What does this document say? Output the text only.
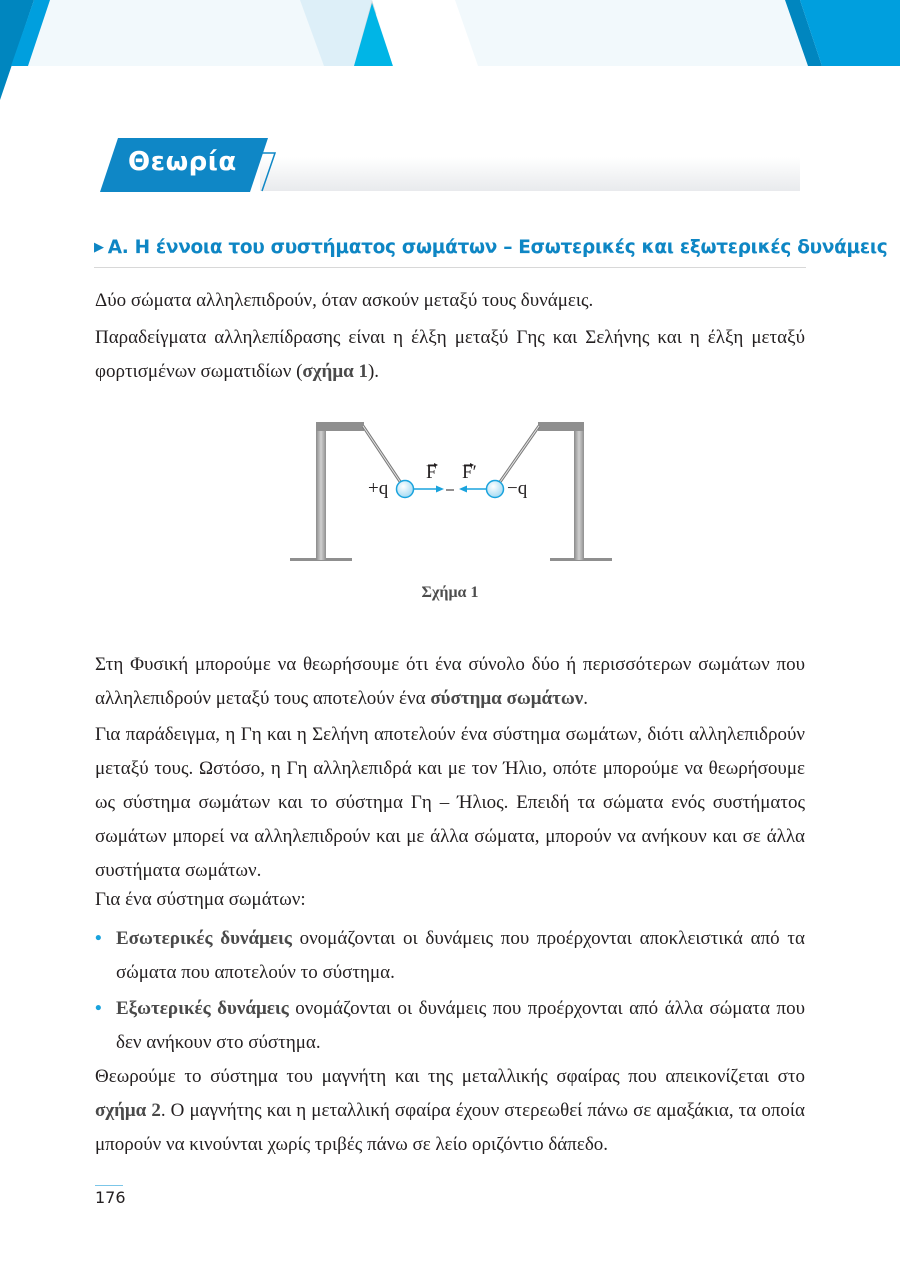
Θεωρία
▶ Α. Η έννοια του συστήματος σωμάτων – Εσωτερικές και εξωτερικές δυνάμεις

Δύο σώματα αλληλεπιδρούν, όταν ασκούν μεταξύ τους δυνάμεις.

Παραδείγματα αλληλεπίδρασης είναι η έλξη μεταξύ Γης και Σελήνης και η έλξη μεταξύ φορτισμένων σωματιδίων (σχήμα 1).

+q	−q
F F′
Σχήμα 1

Στη Φυσική μπορούμε να θεωρήσουμε ότι ένα σύνολο δύο ή περισσότερων σωμάτων που αλληλεπιδρούν μεταξύ τους αποτελούν ένα σύστημα σωμάτων.

Για παράδειγμα, η Γη και η Σελήνη αποτελούν ένα σύστημα σωμάτων, διότι αλληλεπιδρούν μεταξύ τους. Ωστόσο, η Γη αλληλεπιδρά και με τον Ήλιο, οπότε μπορούμε να θεωρήσουμε ως σύστημα σωμάτων και το σύστημα Γη – Ήλιος. Επειδή τα σώματα ενός συστήματος σωμάτων μπορεί να αλληλεπιδρούν και με άλλα σώματα, μπορούν να ανήκουν και σε άλλα συστήματα σωμάτων.

Για ένα σύστημα σωμάτων:

• Εσωτερικές δυνάμεις ονομάζονται οι δυνάμεις που προέρχονται αποκλειστικά από τα σώματα που αποτελούν το σύστημα.
• Εξωτερικές δυνάμεις ονομάζονται οι δυνάμεις που προέρχονται από άλλα σώματα που δεν ανήκουν στο σύστημα.

Θεωρούμε το σύστημα του μαγνήτη και της μεταλλικής σφαίρας που απεικονίζεται στο σχήμα 2. Ο μαγνήτης και η μεταλλική σφαίρα έχουν στερεωθεί πάνω σε αμαξάκια, τα οποία μπορούν να κινούνται χωρίς τριβές πάνω σε λείο οριζόντιο δάπεδο.

176
